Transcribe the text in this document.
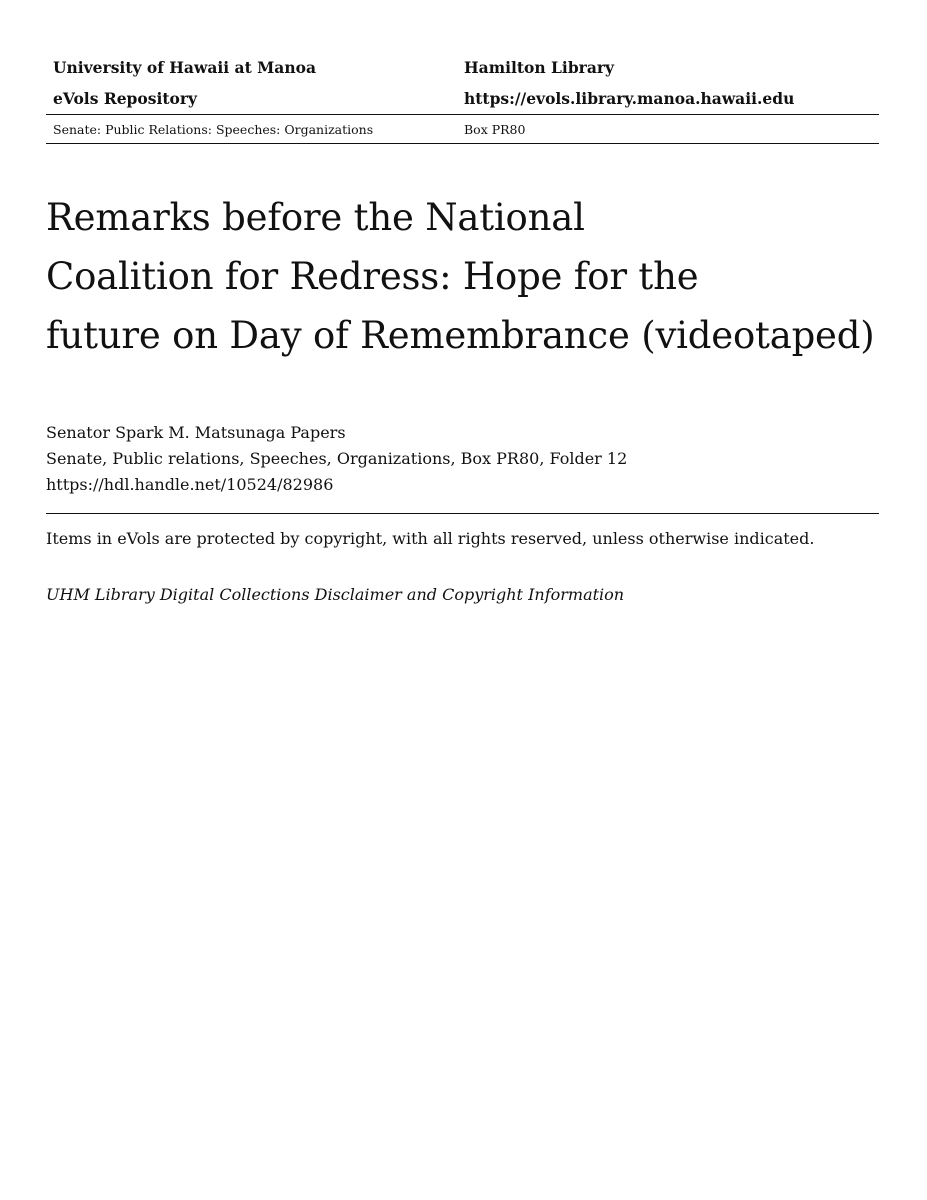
University of Hawaii at Manoa	Hamilton Library
eVols Repository	https://evols.library.manoa.hawaii.edu
Senate: Public Relations: Speeches: Organizations	Box PR80
Remarks before the National
Coalition for Redress: Hope for the
future on Day of Remembrance (videotaped)
Senator Spark M. Matsunaga Papers
Senate, Public relations, Speeches, Organizations, Box PR80, Folder 12
https://hdl.handle.net/10524/82986
Items in eVols are protected by copyright, with all rights reserved, unless otherwise indicated.
UHM Library Digital Collections Disclaimer and Copyright Information
